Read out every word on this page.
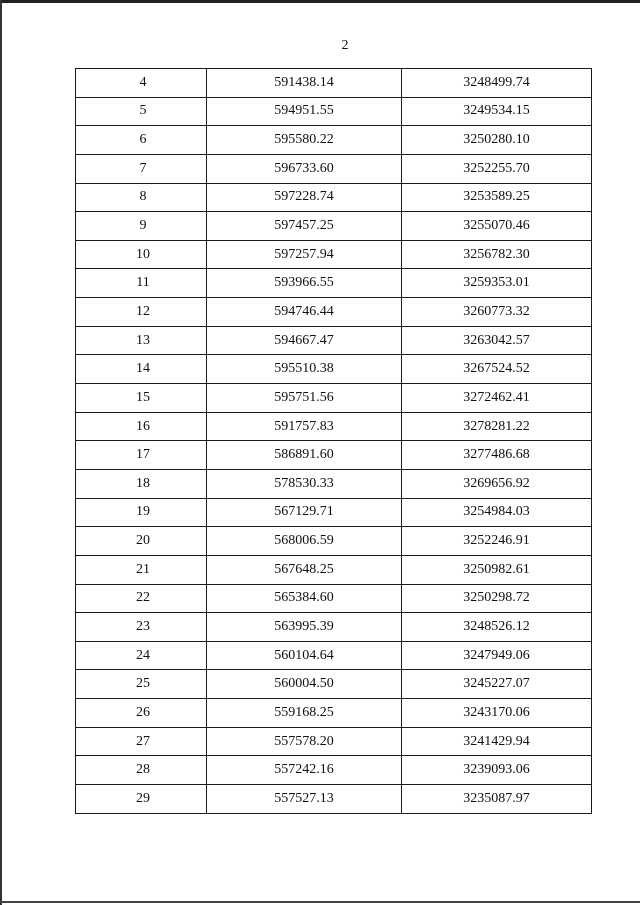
2
4	591438.14	3248499.74
5	594951.55	3249534.15
6	595580.22	3250280.10
7	596733.60	3252255.70
8	597228.74	3253589.25
9	597457.25	3255070.46
10	597257.94	3256782.30
11	593966.55	3259353.01
12	594746.44	3260773.32
13	594667.47	3263042.57
14	595510.38	3267524.52
15	595751.56	3272462.41
16	591757.83	3278281.22
17	586891.60	3277486.68
18	578530.33	3269656.92
19	567129.71	3254984.03
20	568006.59	3252246.91
21	567648.25	3250982.61
22	565384.60	3250298.72
23	563995.39	3248526.12
24	560104.64	3247949.06
25	560004.50	3245227.07
26	559168.25	3243170.06
27	557578.20	3241429.94
28	557242.16	3239093.06
29	557527.13	3235087.97
